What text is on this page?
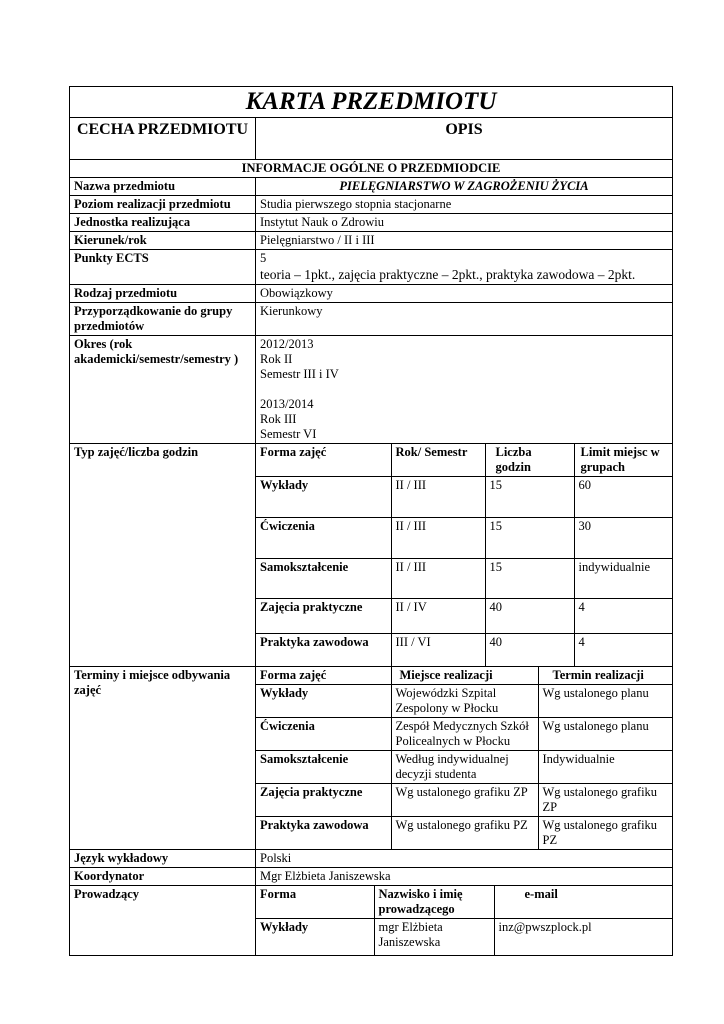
KARTA PRZEDMIOTU
CECHA PRZEDMIOTU	OPIS
INFORMACJE OGÓLNE O PRZEDMIODCIE
Nazwa przedmiotu	PIELĘGNIARSTWO W ZAGROŻENIU ŻYCIA
Poziom realizacji przedmiotu	Studia pierwszego stopnia stacjonarne
Jednostka realizująca	Instytut Nauk o Zdrowiu
Kierunek/rok	Pielęgniarstwo / II i III
Punkty ECTS	5
teoria – 1pkt., zajęcia praktyczne – 2pkt., praktyka zawodowa – 2pkt.

Rodzaj przedmiotu	Obowiązkowy
Przyporządkowanie do grupy przedmiotów	Kierunkowy
Okres (rok akademicki/semestr/semestry )	
2012/2013
Rok II
Semestr III i IV
2013/2014
Rok III
Semestr VI

Typ zajęć/liczba godzin		Forma zajęć	Rok/ Semestr	Liczba godzin	Limit miejsc w grupach
Wykłady	II / III	15	60
Ćwiczenia	II / III	15	30
Samokształcenie	II / III	15	indywidualnie
Zajęcia praktyczne	II / IV	40	4
Praktyka zawodowa	III / VI	40	4

Terminy i miejsce odbywania zajęć	
Forma zajęć	Miejsce realizacji	Termin realizacji
Wykłady	Wojewódzki Szpital Zespolony w Płocku	Wg ustalonego planu
Ćwiczenia	Zespół Medycznych Szkół Policealnych w Płocku	Wg ustalonego planu
Samokształcenie	Według indywidualnej decyzji studenta	Indywidualnie
Zajęcia praktyczne	Wg ustalonego grafiku ZP	Wg ustalonego grafiku ZP
Praktyka zawodowa	Wg ustalonego grafiku PZ	Wg ustalonego grafiku PZ

Język wykładowy	Polski
Koordynator	Mgr Elżbieta Janiszewska
Prowadzący		Forma	Nazwisko i imię prowadzącego	e-mail
Wykłady	mgr Elżbieta Janiszewska	inz@pwszplock.pl
